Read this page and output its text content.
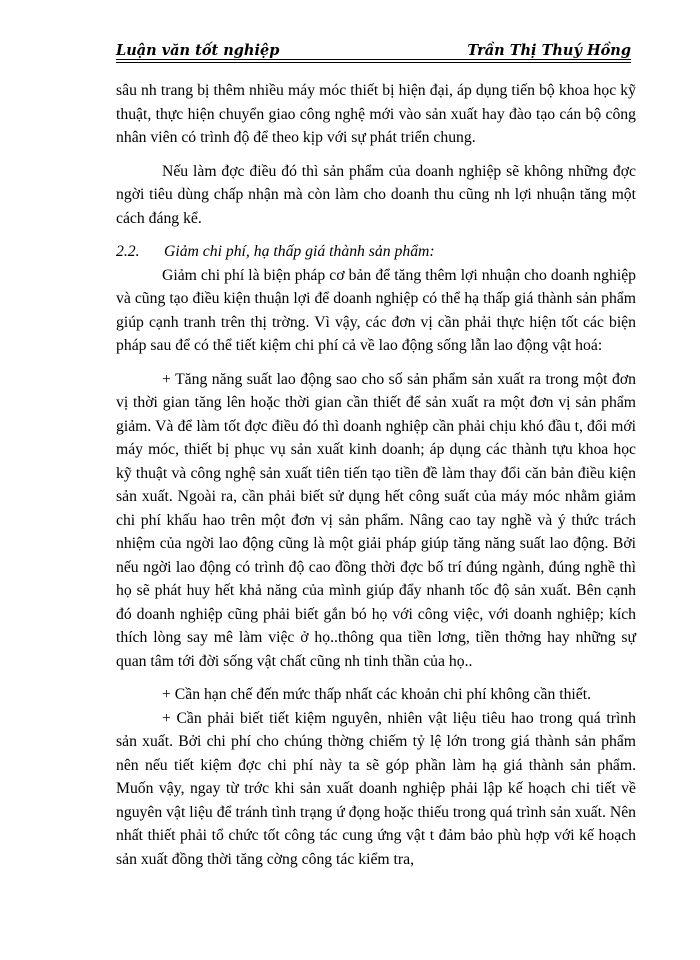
Luận văn tốt nghiệp	Trần Thị Thuý Hồng

sâu nh trang bị thêm nhiều máy móc thiết bị hiện đại, áp dụng tiến bộ khoa học kỹ thuật, thực hiện chuyển giao công nghệ mới vào sản xuất hay đào tạo cán bộ công nhân viên có trình độ để theo kịp với sự phát triển chung.

Nếu làm đợc điều đó thì sản phẩm của doanh nghiệp sẽ không những đợc ngời tiêu dùng chấp nhận mà còn làm cho doanh thu cũng nh lợi nhuận tăng một cách đáng kể.

2.2.	Giảm chi phí, hạ thấp giá thành sản phẩm:

Giảm chi phí là biện pháp cơ bản để tăng thêm lợi nhuận cho doanh nghiệp và cũng tạo điều kiện thuận lợi để doanh nghiệp có thể hạ thấp giá thành sản phẩm giúp cạnh tranh trên thị trờng. Vì vậy, các đơn vị cần phải thực hiện tốt các biện pháp sau để có thể tiết kiệm chi phí cả về lao động sống lẫn lao động vật hoá:

+ Tăng năng suất lao động sao cho số sản phẩm sản xuất ra trong một đơn vị thời gian tăng lên hoặc thời gian cần thiết để sản xuất ra một đơn vị sản phẩm giảm. Và để làm tốt đợc điều đó thì doanh nghiệp cần phải chịu khó đầu t, đổi mới máy móc, thiết bị phục vụ sản xuất kinh doanh; áp dụng các thành tựu khoa học kỹ thuật và công nghệ sản xuất tiên tiến tạo tiền đề làm thay đổi căn bản điều kiện sản xuất. Ngoài ra, cần phải biết sử dụng hết công suất của máy móc nhằm giảm chi phí khấu hao trên một đơn vị sản phẩm. Nâng cao tay nghề và ý thức trách nhiệm của ngời lao động cũng là một giải pháp giúp tăng năng suất lao động. Bởi nếu ngời lao động có trình độ cao đồng thời đợc bố trí đúng ngành, đúng nghề thì họ sẽ phát huy hết khả năng của mình giúp đẩy nhanh tốc độ sản xuất. Bên cạnh đó doanh nghiệp cũng phải biết gắn bó họ với công việc, với doanh nghiệp; kích thích lòng say mê làm việc ở họ..thông qua tiền lơng, tiền thởng hay những sự quan tâm tới đời sống vật chất cũng nh tinh thần của họ..

+ Cần hạn chế đến mức thấp nhất các khoản chi phí không cần thiết.

+ Cần phải biết tiết kiệm nguyên, nhiên vật liệu tiêu hao trong quá trình sản xuất. Bởi chi phí cho chúng thờng chiếm tỷ lệ lớn trong giá thành sản phẩm nên nếu tiết kiệm đợc chi phí này ta sẽ góp phần làm hạ giá thành sản phẩm. Muốn vậy, ngay từ trớc khi sản xuất doanh nghiệp phải lập kế hoạch chi tiết về nguyên vật liệu để tránh tình trạng ứ đọng hoặc thiếu trong quá trình sản xuất. Nên nhất thiết phải tổ chức tốt công tác cung ứng vật t đảm bảo phù hợp với kế hoạch sản xuất đồng thời tăng cờng công tác kiểm tra,
